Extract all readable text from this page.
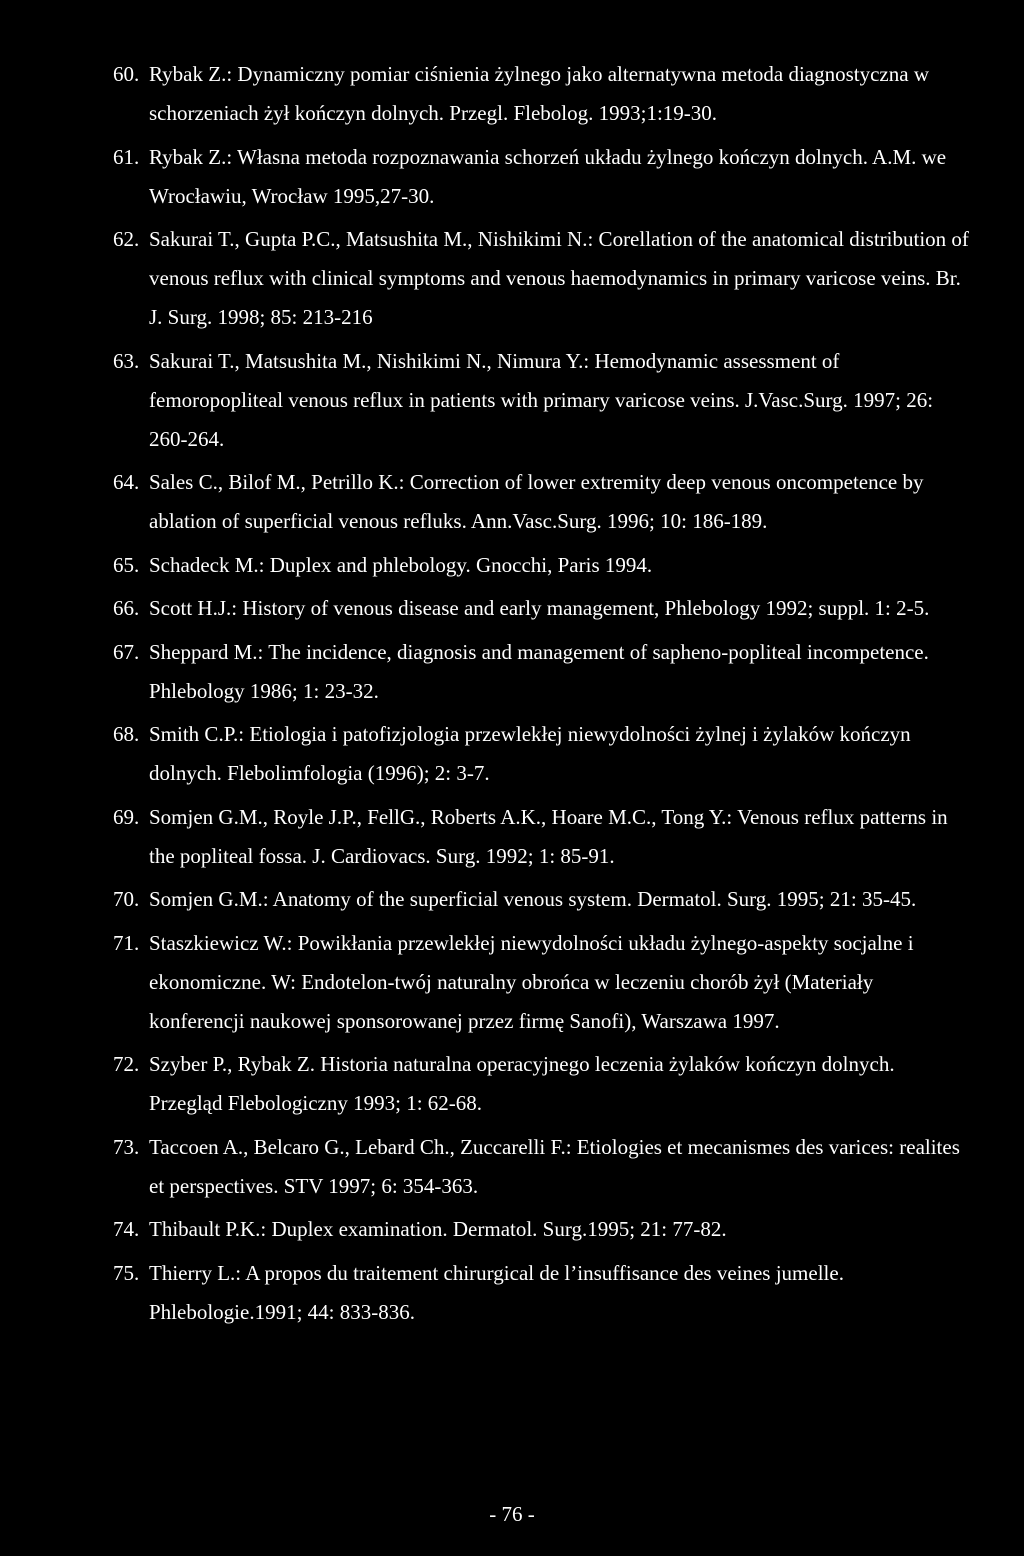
60. Rybak Z.: Dynamiczny pomiar ciśnienia żylnego jako alternatywna metoda diagnostyczna w schorzeniach żył kończyn dolnych. Przegl. Flebolog. 1993;1:19-30.
61. Rybak Z.: Własna metoda rozpoznawania schorzeń układu żylnego kończyn dolnych. A.M. we Wrocławiu, Wrocław 1995,27-30.
62. Sakurai T., Gupta P.C., Matsushita M., Nishikimi N.: Corellation of the anatomical distribution of venous reflux with clinical symptoms and venous haemodynamics in primary varicose veins. Br. J. Surg. 1998; 85: 213-216
63. Sakurai T., Matsushita M., Nishikimi N., Nimura Y.: Hemodynamic assessment of femoropopliteal venous reflux in patients with primary varicose veins. J.Vasc.Surg. 1997; 26: 260-264.
64. Sales C., Bilof M., Petrillo K.: Correction of lower extremity deep venous oncompetence by ablation of superficial venous refluks. Ann.Vasc.Surg. 1996; 10: 186-189.
65. Schadeck M.: Duplex and phlebology. Gnocchi, Paris 1994.
66. Scott H.J.: History of venous disease and early management, Phlebology 1992; suppl. 1: 2-5.
67. Sheppard M.: The incidence, diagnosis and management of sapheno-popliteal incompetence. Phlebology 1986; 1: 23-32.
68. Smith C.P.: Etiologia i patofizjologia przewlekłej niewydolności żylnej i żylaków kończyn dolnych. Flebolimfologia (1996); 2: 3-7.
69. Somjen G.M., Royle J.P., FellG., Roberts A.K., Hoare M.C., Tong Y.: Venous reflux patterns in the popliteal fossa. J. Cardiovacs. Surg. 1992; 1: 85-91.
70. Somjen G.M.: Anatomy of the superficial venous system. Dermatol. Surg. 1995; 21: 35-45.
71. Staszkiewicz W.: Powikłania przewlekłej niewydolności układu żylnego-aspekty socjalne i ekonomiczne. W: Endotelon-twój naturalny obrońca w leczeniu chorób żył (Materiały konferencji naukowej sponsorowanej przez firmę Sanofi), Warszawa 1997.
72. Szyber P., Rybak Z. Historia naturalna operacyjnego leczenia żylaków kończyn dolnych. Przegląd Flebologiczny 1993; 1: 62-68.
73. Taccoen A., Belcaro G., Lebard Ch., Zuccarelli F.: Etiologies et mecanismes des varices: realites et perspectives. STV 1997; 6: 354-363.
74. Thibault P.K.: Duplex examination. Dermatol. Surg.1995; 21: 77-82.
75. Thierry L.: A propos du traitement chirurgical de l’insuffisance des veines jumelle. Phlebologie.1991; 44: 833-836.
- 76 -
